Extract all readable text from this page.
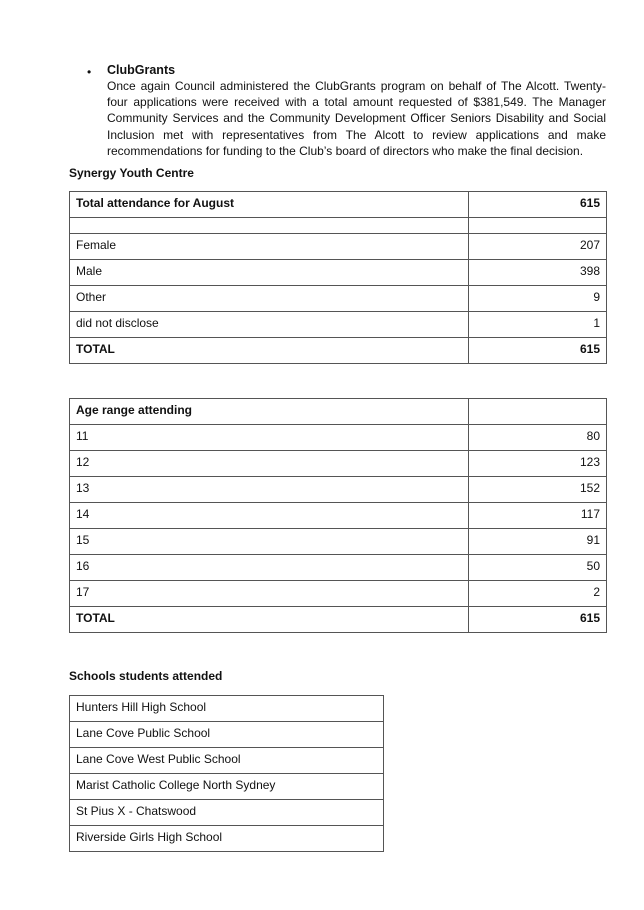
• ClubGrants
Once again Council administered the ClubGrants program on behalf of The Alcott. Twenty-four applications were received with a total amount requested of $381,549. The Manager Community Services and the Community Development Officer Seniors Disability and Social Inclusion met with representatives from The Alcott to review applications and make recommendations for funding to the Club’s board of directors who make the final decision.
Synergy Youth Centre
Total attendance for August	615

Female	207
Male	398
Other	9
did not disclose	1
TOTAL	615
Age range attending	
11	80
12	123
13	152
14	117
15	91
16	50
17	2
TOTAL	615
Schools students attended
Hunters Hill High School
Lane Cove Public School
Lane Cove West Public School
Marist Catholic College North Sydney
St Pius X - Chatswood
Riverside Girls High School
